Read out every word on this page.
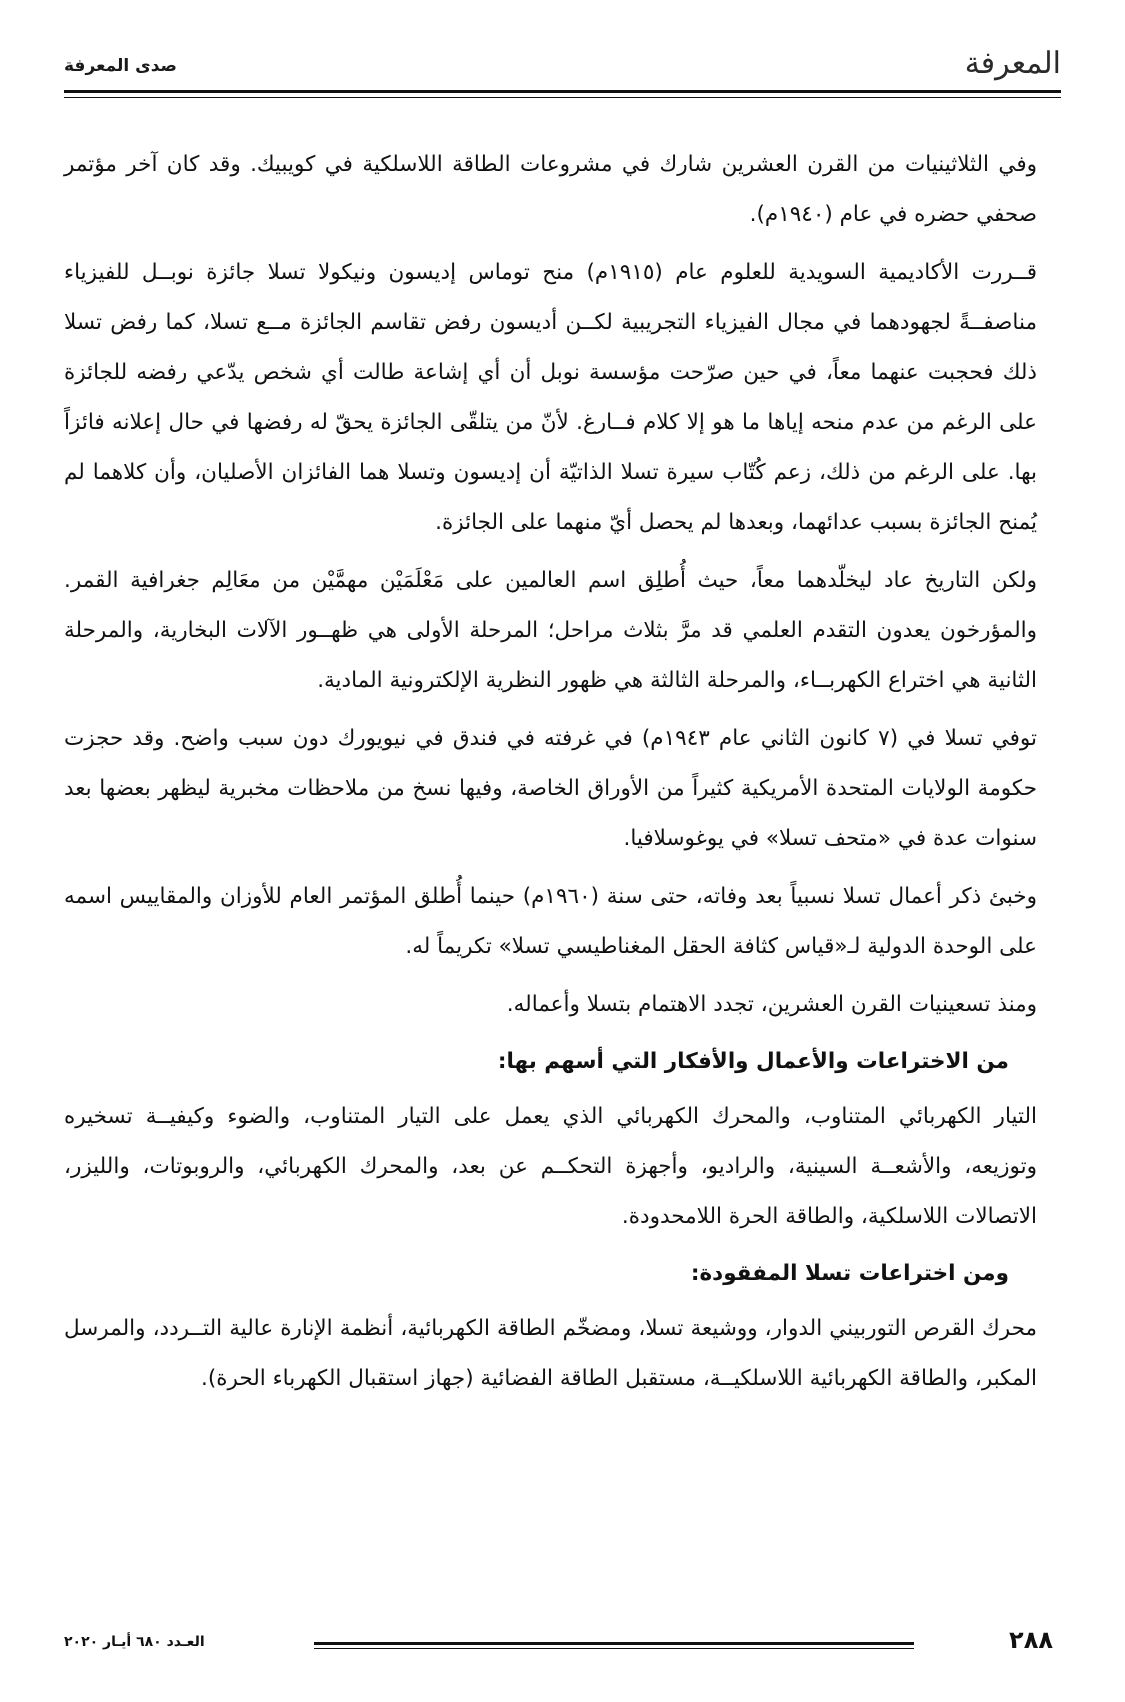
صدى المعرفة	المعرفة

وفي الثلاثينيات من القرن العشرين شارك في مشروعات الطاقة اللاسلكية في كويبيك. وقد كان آخر مؤتمر صحفي حضره في عام (١٩٤٠م).

قــررت الأكاديمية السويدية للعلوم عام (١٩١٥م) منح توماس إديسون ونيكولا تسلا جائزة نوبــل للفيزياء مناصفــةً لجهودهما في مجال الفيزياء التجريبية لكــن أديسون رفض تقاسم الجائزة مــع تسلا، كما رفض تسلا ذلك فحجبت عنهما معاً، في حين صرّحت مؤسسة نوبل أن أي إشاعة طالت أي شخص يدّعي رفضه للجائزة على الرغم من عدم منحه إياها ما هو إلا كلام فــارغ. لأنّ من يتلقّى الجائزة يحقّ له رفضها في حال إعلانه فائزاً بها. على الرغم من ذلك، زعم كُتّاب سيرة تسلا الذاتيّة أن إديسون وتسلا هما الفائزان الأصليان، وأن كلاهما لم يُمنح الجائزة بسبب عدائهما، وبعدها لم يحصل أيّ منهما على الجائزة.

ولكن التاريخ عاد ليخلّدهما معاً، حيث أُطلِق اسم العالمين على مَعْلَمَيْن مهمَّيْن من معَالِم جغرافية القمر. والمؤرخون يعدون التقدم العلمي قد مرَّ بثلاث مراحل؛ المرحلة الأولى هي ظهــور الآلات البخارية، والمرحلة الثانية هي اختراع الكهربــاء، والمرحلة الثالثة هي ظهور النظرية الإلكترونية المادية.

توفي تسلا في (٧ كانون الثاني عام ١٩٤٣م) في غرفته في فندق في نيويورك دون سبب واضح. وقد حجزت حكومة الولايات المتحدة الأمريكية كثيراً من الأوراق الخاصة، وفيها نسخ من ملاحظات مخبرية ليظهر بعضها بعد سنوات عدة في «متحف تسلا» في يوغوسلافيا.

وخبئ ذكر أعمال تسلا نسبياً بعد وفاته، حتى سنة (١٩٦٠م) حينما أُطلق المؤتمر العام للأوزان والمقاييس اسمه على الوحدة الدولية لـ«قياس كثافة الحقل المغناطيسي تسلا» تكريماً له.

ومنذ تسعينيات القرن العشرين، تجدد الاهتمام بتسلا وأعماله.

من الاختراعات والأعمال والأفكار التي أسهم بها:

التيار الكهربائي المتناوب، والمحرك الكهربائي الذي يعمل على التيار المتناوب، والضوء وكيفيــة تسخيره وتوزيعه، والأشعــة السينية، والراديو، وأجهزة التحكــم عن بعد، والمحرك الكهربائي، والروبوتات، والليزر، الاتصالات اللاسلكية، والطاقة الحرة اللامحدودة.

ومن اختراعات تسلا المفقودة:

محرك القرص التوربيني الدوار، ووشيعة تسلا، ومضخّم الطاقة الكهربائية، أنظمة الإنارة عالية التــردد، والمرسل المكبر، والطاقة الكهربائية اللاسلكيــة، مستقبل الطاقة الفضائية (جهاز استقبال الكهرباء الحرة).

العـدد ٦٨٠ أيـار ٢٠٢٠	٢٨٨
